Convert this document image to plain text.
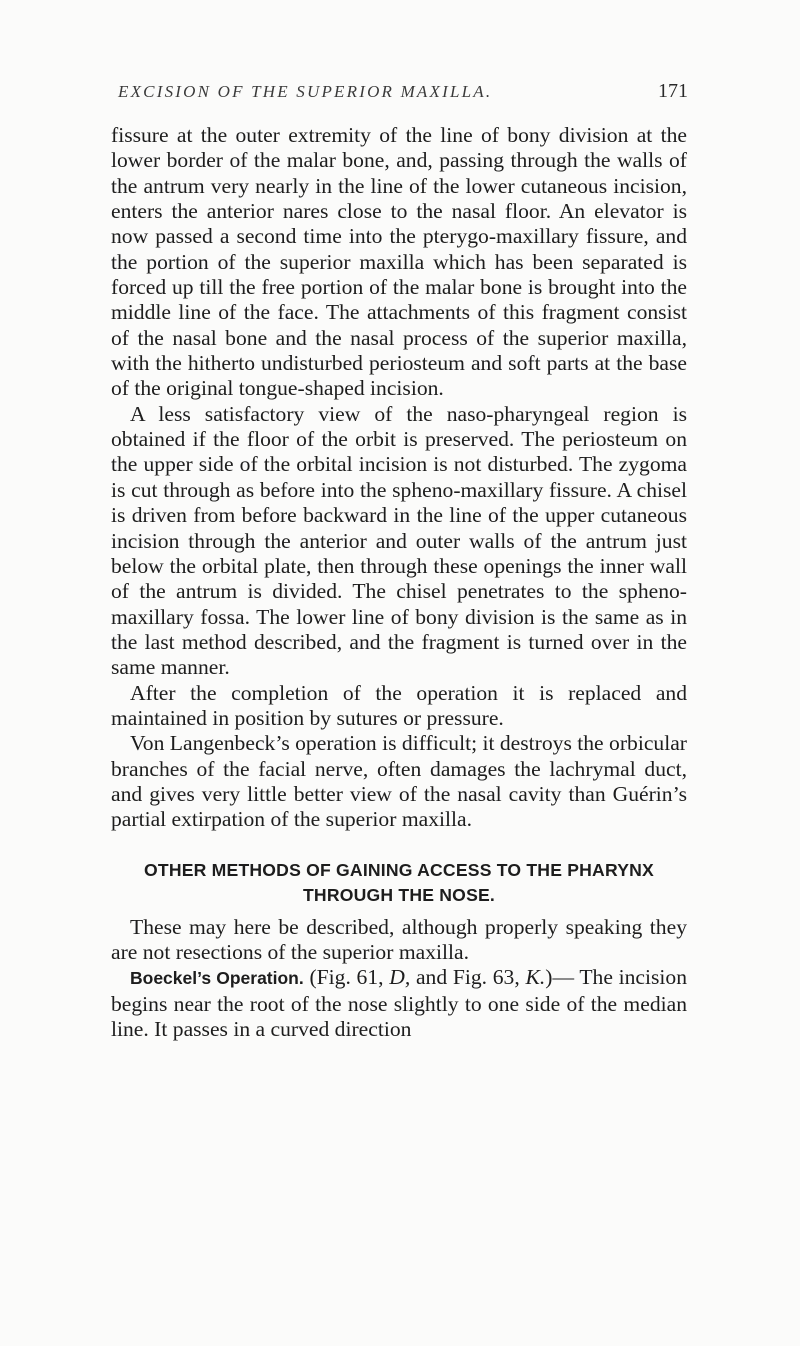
EXCISION OF THE SUPERIOR MAXILLA.	171

fissure at the outer extremity of the line of bony division at the lower border of the malar bone, and, passing through the walls of the antrum very nearly in the line of the lower cutaneous incision, enters the anterior nares close to the nasal floor. An elevator is now passed a second time into the pterygo-maxillary fissure, and the portion of the superior maxilla which has been separated is forced up till the free portion of the malar bone is brought into the middle line of the face. The attachments of this fragment consist of the nasal bone and the nasal process of the superior maxilla, with the hitherto undisturbed periosteum and soft parts at the base of the original tongue-shaped incision.

A less satisfactory view of the naso-pharyngeal region is obtained if the floor of the orbit is preserved. The periosteum on the upper side of the orbital incision is not disturbed. The zygoma is cut through as before into the spheno-maxillary fissure. A chisel is driven from before backward in the line of the upper cutaneous incision through the anterior and outer walls of the antrum just below the orbital plate, then through these openings the inner wall of the antrum is divided. The chisel penetrates to the spheno-maxillary fossa. The lower line of bony division is the same as in the last method described, and the fragment is turned over in the same manner.

After the completion of the operation it is replaced and maintained in position by sutures or pressure.

Von Langenbeck’s operation is difficult; it destroys the orbicular branches of the facial nerve, often damages the lachrymal duct, and gives very little better view of the nasal cavity than Guérin’s partial extirpation of the superior maxilla.

OTHER METHODS OF GAINING ACCESS TO THE PHARYNX THROUGH THE NOSE.

These may here be described, although properly speaking they are not resections of the superior maxilla.

Boeckel’s Operation. (Fig. 61, D, and Fig. 63, K.)— The incision begins near the root of the nose slightly to one side of the median line. It passes in a curved direction
